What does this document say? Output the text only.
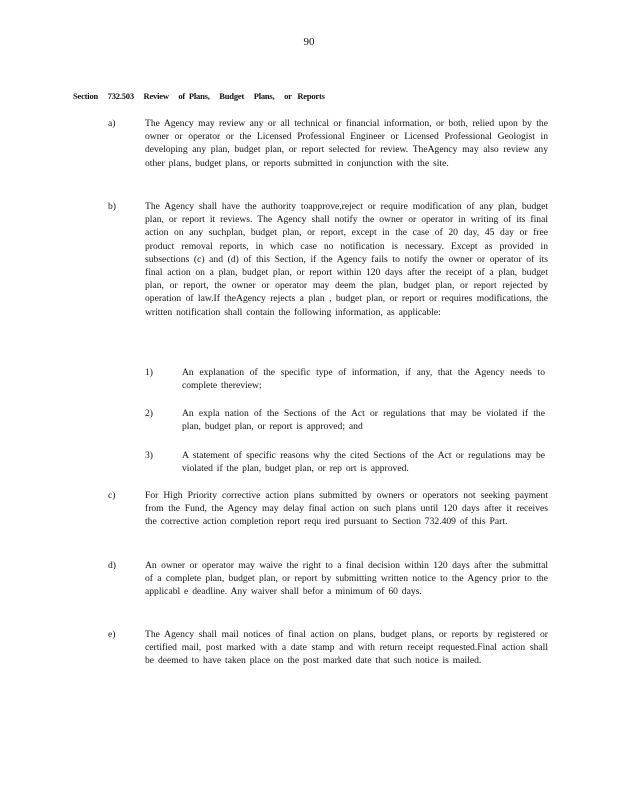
90
Section     732.503     Review     of  Plans,     Budget     Plans,     or   Reports
a)	The Agency may review any or all technical or financial information, or both, relied upon by the owner or operator or the Licensed Professional Engineer or Licensed Professional Geologist in developing any plan, budget plan, or report selected for review. TheAgency may also review any other plans, budget plans, or reports submitted in conjunction with the site.
b)	The Agency shall have the authority toapprove,reject or require modification of any plan, budget plan, or report it reviews. The Agency shall notify the owner or operator in writing of its final action on any suchplan, budget plan, or report, except in the case of 20 day, 45 day or free product removal reports, in which case no notification is necessary. Except as provided in subsections (c) and (d) of this Section, if the Agency fails to notify the owner or operator of its final action on a plan, budget plan, or report within 120 days after the receipt of a plan, budget plan, or report, the owner or operator may deem the plan, budget plan, or report rejected by operation of law.If theAgency rejects a plan , budget plan, or report or requires modifications, the written notification shall contain the following information, as applicable:
1)	An explanation of the specific type of information, if any, that the Agency needs to complete thereview;
2)	An expla nation of the Sections of the Act or regulations that may be violated if the plan, budget plan, or report is approved; and
3)	A statement of specific reasons why the cited Sections of the Act or regulations may be violated if the plan, budget plan, or rep ort is approved.
c)	For High Priority corrective action plans submitted by owners or operators not seeking payment from the Fund, the Agency may delay final action on such plans until 120 days after it receives the corrective action completion report requ ired pursuant to Section 732.409 of this Part.
d)	An owner or operator may waive the right to a final decision within 120 days after the submittal of a complete plan, budget plan, or report by submitting written notice to the Agency prior to the applicabl e deadline. Any waiver shall befor a minimum of 60 days.
e)	The Agency shall mail notices of final action on plans, budget plans, or reports by registered or certified mail, post marked with a date stamp and with return receipt requested.Final action shall be deemed to have taken place on the post marked date that such notice is mailed.
